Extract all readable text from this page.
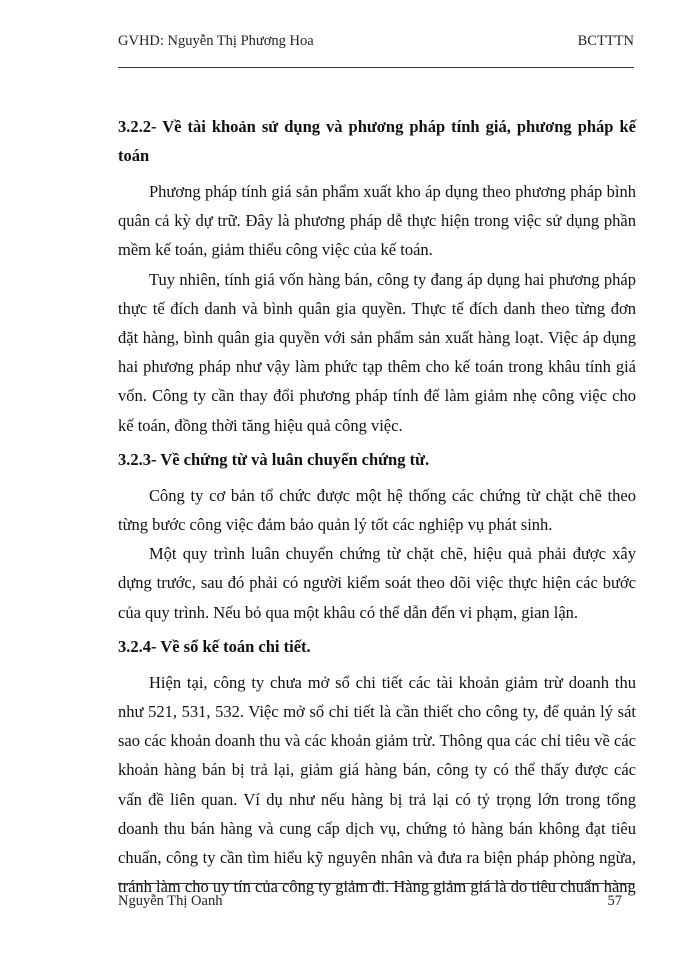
GVHD: Nguyễn Thị Phương Hoa	BCTTTN

3.2.2- Về tài khoản sử dụng và phương pháp tính giá, phương pháp kế toán

Phương pháp tính giá sản phẩm xuất kho áp dụng theo phương pháp bình quân cả kỳ dự trữ. Đây là phương pháp dễ thực hiện trong việc sử dụng phần mềm kế toán, giảm thiểu công việc của kế toán.

Tuy nhiên, tính giá vốn hàng bán, công ty đang áp dụng hai phương pháp thực tế đích danh và bình quân gia quyền. Thực tế đích danh theo từng đơn đặt hàng, bình quân gia quyền với sản phẩm sản xuất hàng loạt. Việc áp dụng hai phương pháp như vậy làm phức tạp thêm cho kế toán trong khâu tính giá vốn. Công ty cần thay đổi phương pháp tính để làm giảm nhẹ công việc cho kế toán, đồng thời tăng hiệu quả công việc.

3.2.3- Về chứng từ và luân chuyển chứng từ.

Công ty cơ bản tổ chức được một hệ thống các chứng từ chặt chẽ theo từng bước công việc đảm bảo quản lý tốt các nghiệp vụ phát sinh.

Một quy trình luân chuyển chứng từ chặt chẽ, hiệu quả phải được xây dựng trước, sau đó phải có người kiểm soát theo dõi việc thực hiện các bước của quy trình. Nếu bỏ qua một khâu có thể dẫn đến vi phạm, gian lận.

3.2.4- Về sổ kế toán chi tiết.

Hiện tại, công ty chưa mở sổ chi tiết các tài khoản giảm trừ doanh thu như 521, 531, 532. Việc mở sổ chi tiết là cần thiết cho công ty, để quản lý sát sao các khoản doanh thu và các khoản giảm trừ. Thông qua các chỉ tiêu về các khoản hàng bán bị trả lại, giảm giá hàng bán, công ty có thể thấy được các vấn đề liên quan. Ví dụ như nếu hàng bị trả lại có tỷ trọng lớn trong tổng doanh thu bán hàng và cung cấp dịch vụ, chứng tỏ hàng bán không đạt tiêu chuẩn, công ty cần tìm hiểu kỹ nguyên nhân và đưa ra biện pháp phòng ngừa, tránh làm cho uy tín của công ty giảm đi. Hàng giảm giá là do tiêu chuẩn hàng

Nguyễn Thị Oanh	57
